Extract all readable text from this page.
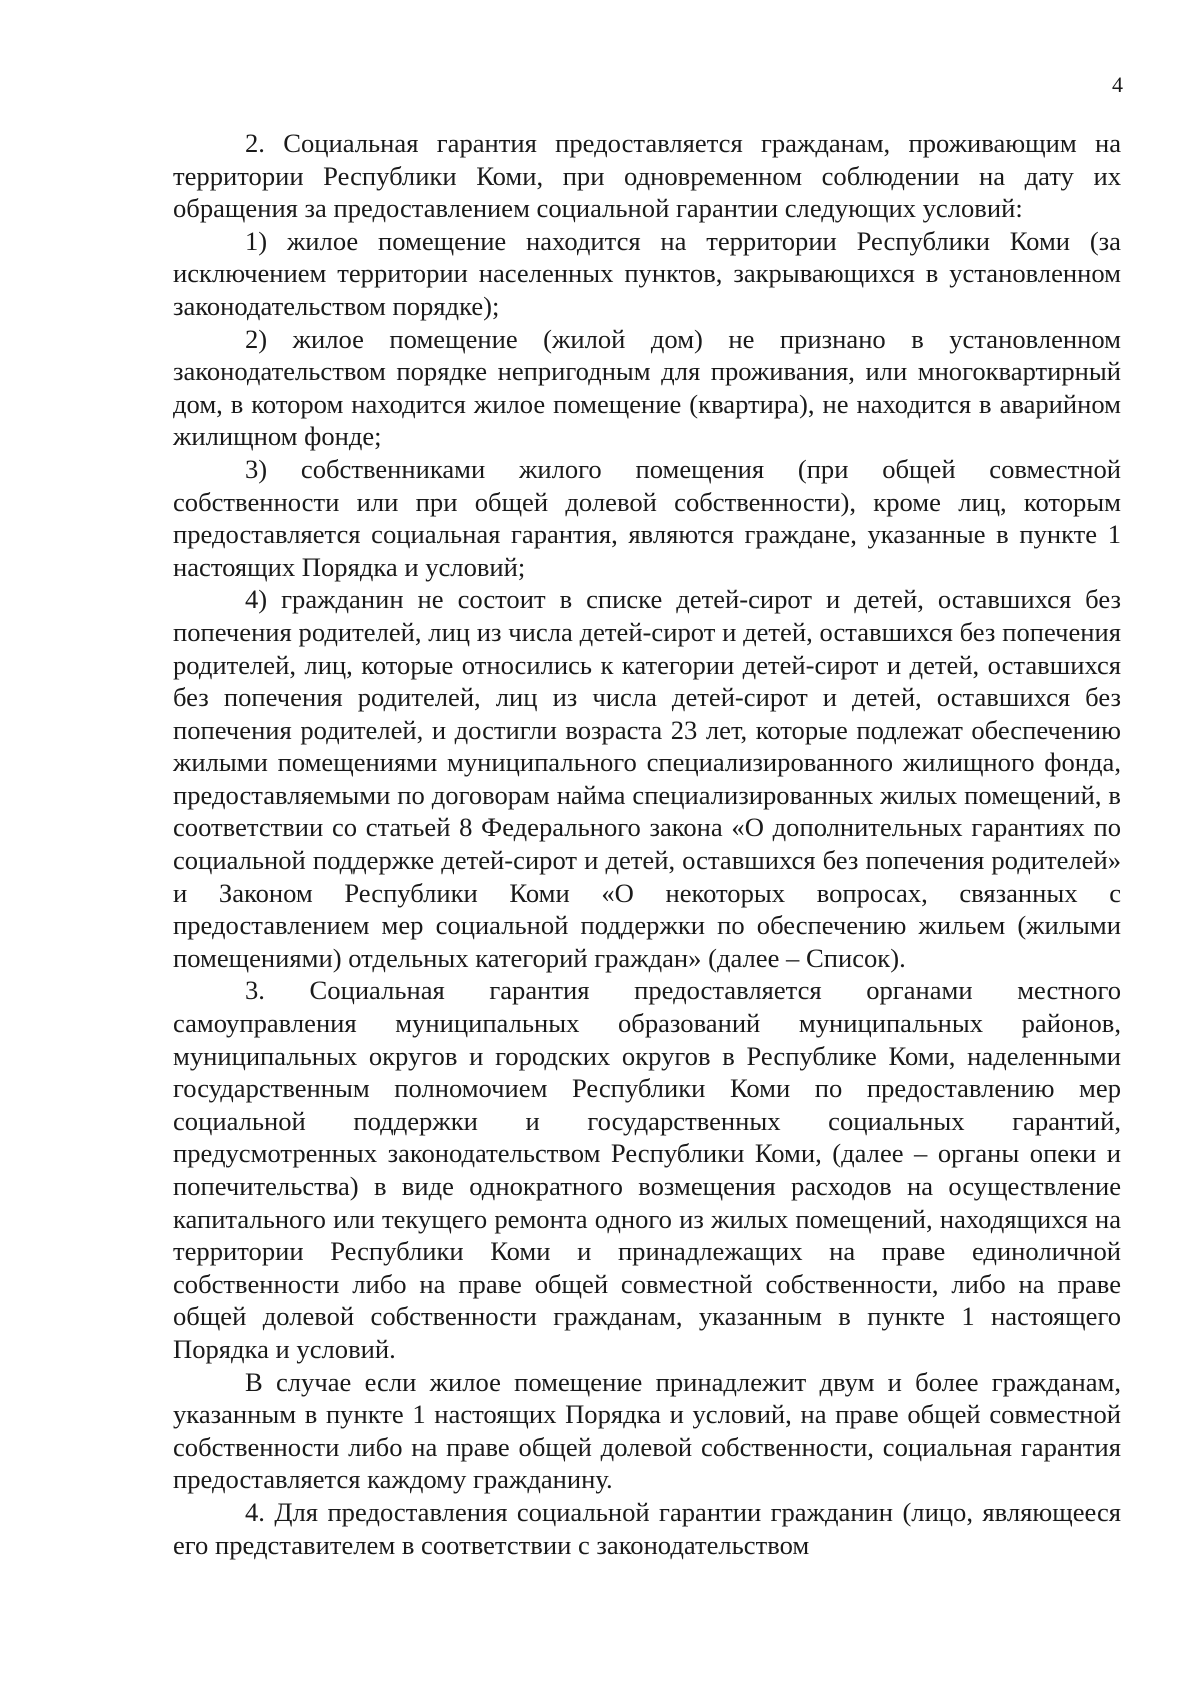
4

2. Социальная гарантия предоставляется гражданам, проживающим на территории Республики Коми, при одновременном соблюдении на дату их обращения за предоставлением социальной гарантии следующих условий:

1) жилое помещение находится на территории Республики Коми (за исключением территории населенных пунктов, закрывающихся в установленном законодательством порядке);

2) жилое помещение (жилой дом) не признано в установленном законодательством порядке непригодным для проживания, или многоквартирный дом, в котором находится жилое помещение (квартира), не находится в аварийном жилищном фонде;

3) собственниками жилого помещения (при общей совместной собственности или при общей долевой собственности), кроме лиц, которым предоставляется социальная гарантия, являются граждане, указанные в пункте 1 настоящих Порядка и условий;

4) гражданин не состоит в списке детей-сирот и детей, оставшихся без попечения родителей, лиц из числа детей-сирот и детей, оставшихся без попечения родителей, лиц, которые относились к категории детей-сирот и детей, оставшихся без попечения родителей, лиц из числа детей-сирот и детей, оставшихся без попечения родителей, и достигли возраста 23 лет, которые подлежат обеспечению жилыми помещениями муниципального специализированного жилищного фонда, предоставляемыми по договорам найма специализированных жилых помещений, в соответствии со статьей 8 Федерального закона «О дополнительных гарантиях по социальной поддержке детей-сирот и детей, оставшихся без попечения родителей» и Законом Республики Коми «О некоторых вопросах, связанных с предоставлением мер социальной поддержки по обеспечению жильем (жилыми помещениями) отдельных категорий граждан» (далее – Список).

3. Социальная гарантия предоставляется органами местного самоуправления муниципальных образований муниципальных районов, муниципальных округов и городских округов в Республике Коми, наделенными государственным полномочием Республики Коми по предоставлению мер социальной поддержки и государственных социальных гарантий, предусмотренных законодательством Республики Коми, (далее – органы опеки и попечительства) в виде однократного возмещения расходов на осуществление капитального или текущего ремонта одного из жилых помещений, находящихся на территории Республики Коми и принадлежащих на праве единоличной собственности либо на праве общей совместной собственности, либо на праве общей долевой собственности гражданам, указанным в пункте 1 настоящего Порядка и условий.

В случае если жилое помещение принадлежит двум и более гражданам, указанным в пункте 1 настоящих Порядка и условий, на праве общей совместной собственности либо на праве общей долевой собственности, социальная гарантия предоставляется каждому гражданину.

4. Для предоставления социальной гарантии гражданин (лицо, являющееся его представителем в соответствии с законодательством
